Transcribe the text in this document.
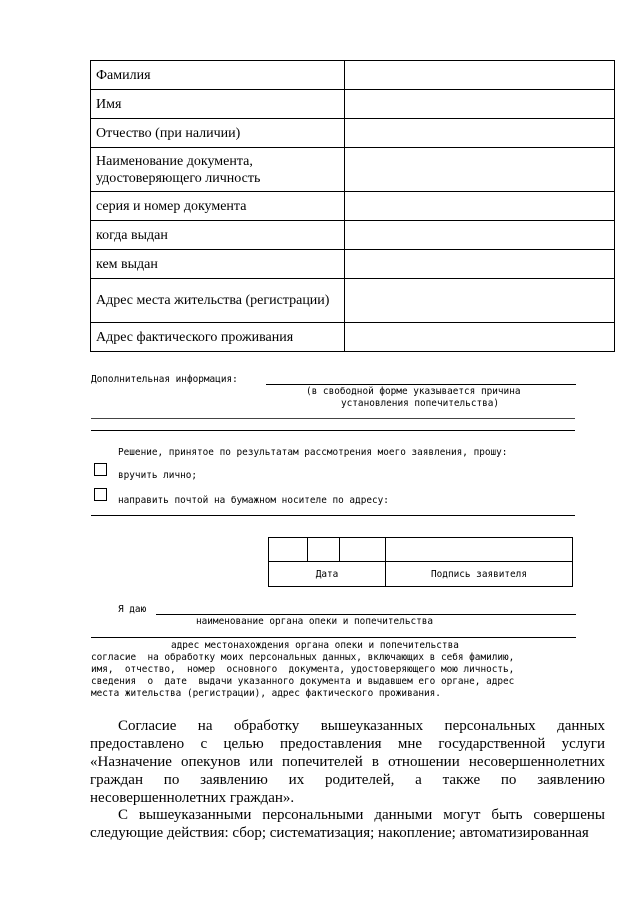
Фамилия	
Имя	
Отчество (при наличии)	
Наименование документа, удостоверяющего личность	
серия и номер документа	
когда выдан	
кем выдан	
Адрес места жительства (регистрации)	
Адрес фактического проживания	
Дополнительная информация:
(в свободной форме указывается причина
установления попечительства)
Решение, принятое по результатам рассмотрения моего заявления, прошу:
вручить лично;
направить почтой на бумажном носителе по адресу:

Дата			Подпись заявителя
Я даю
наименование органа опеки и попечительства
адрес местонахождения органа опеки и попечительства
согласие  на обработку моих персональных данных, включающих в себя фамилию,
имя,  отчество,  номер  основного  документа, удостоверяющего мою личность,
сведения  о  дате  выдачи указанного документа и выдавшем его органе, адрес
места жительства (регистрации), адрес фактического проживания.
Согласие на обработку вышеуказанных персональных данных предоставлено с целью предоставления мне государственной услуги «Назначение опекунов или попечителей в отношении несовершеннолетних граждан по заявлению их родителей, а также по заявлению несовершеннолетних граждан».
С вышеуказанными персональными данными могут быть совершены следующие действия: сбор; систематизация; накопление; автоматизированная
